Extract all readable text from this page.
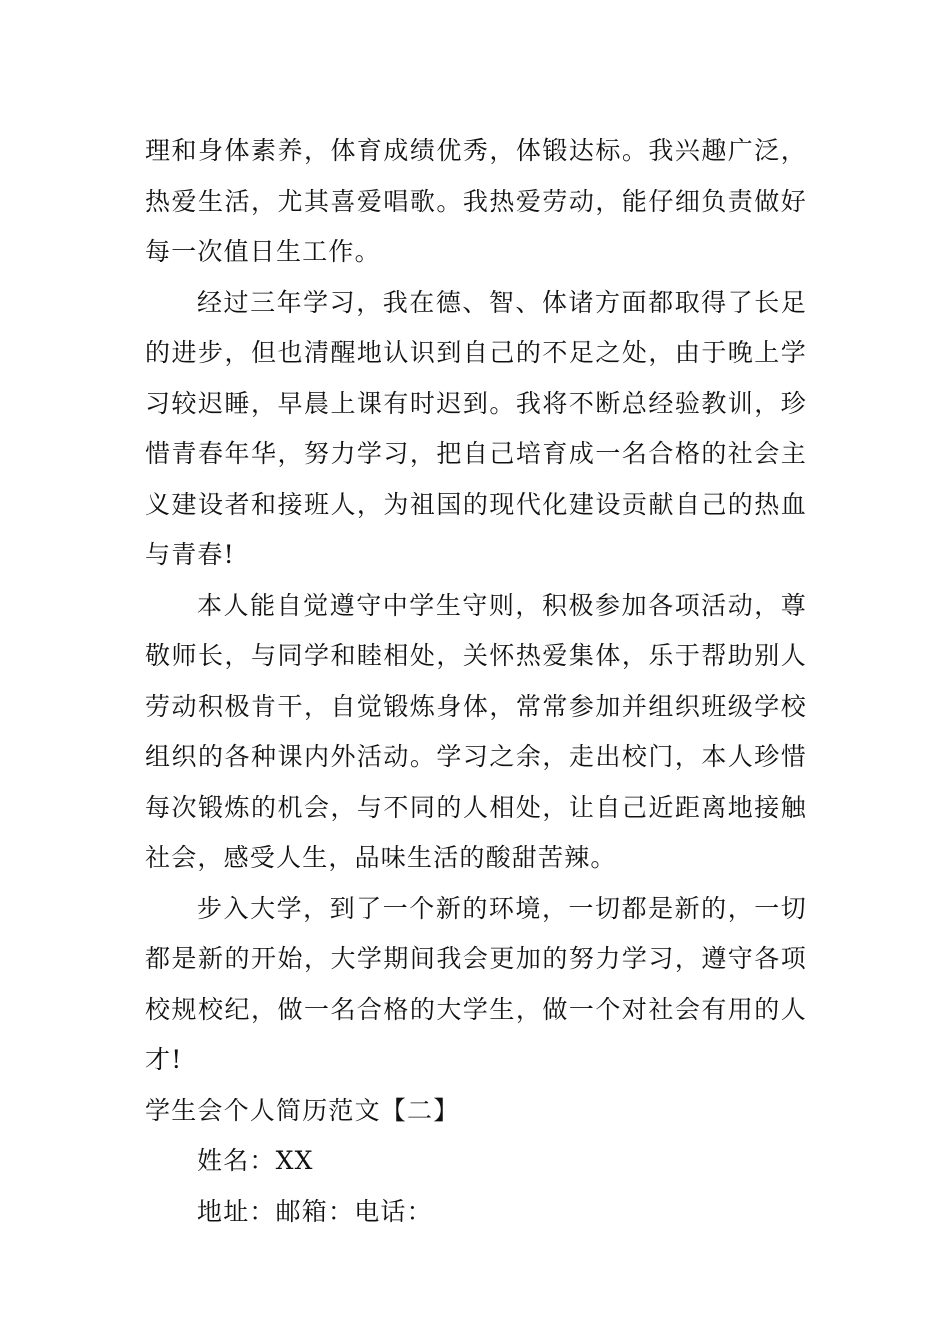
理和身体素养，体育成绩优秀，体锻达标。我兴趣广泛，热爱生活，尤其喜爱唱歌。我热爱劳动，能仔细负责做好每一次值日生工作。

经过三年学习，我在德、智、体诸方面都取得了长足的进步，但也清醒地认识到自己的不足之处，由于晚上学习较迟睡，早晨上课有时迟到。我将不断总经验教训，珍惜青春年华，努力学习，把自己培育成一名合格的社会主义建设者和接班人，为祖国的现代化建设贡献自己的热血与青春!

本人能自觉遵守中学生守则，积极参加各项活动，尊敬师长，与同学和睦相处，关怀热爱集体，乐于帮助别人劳动积极肯干，自觉锻炼身体，常常参加并组织班级学校组织的各种课内外活动。学习之余，走出校门，本人珍惜每次锻炼的机会，与不同的人相处，让自己近距离地接触社会，感受人生，品味生活的酸甜苦辣。

步入大学，到了一个新的环境，一切都是新的，一切都是新的开始，大学期间我会更加的努力学习，遵守各项校规校纪，做一名合格的大学生，做一个对社会有用的人才!

学生会个人简历范文【二】

姓名：XX

地址：邮箱：电话：
